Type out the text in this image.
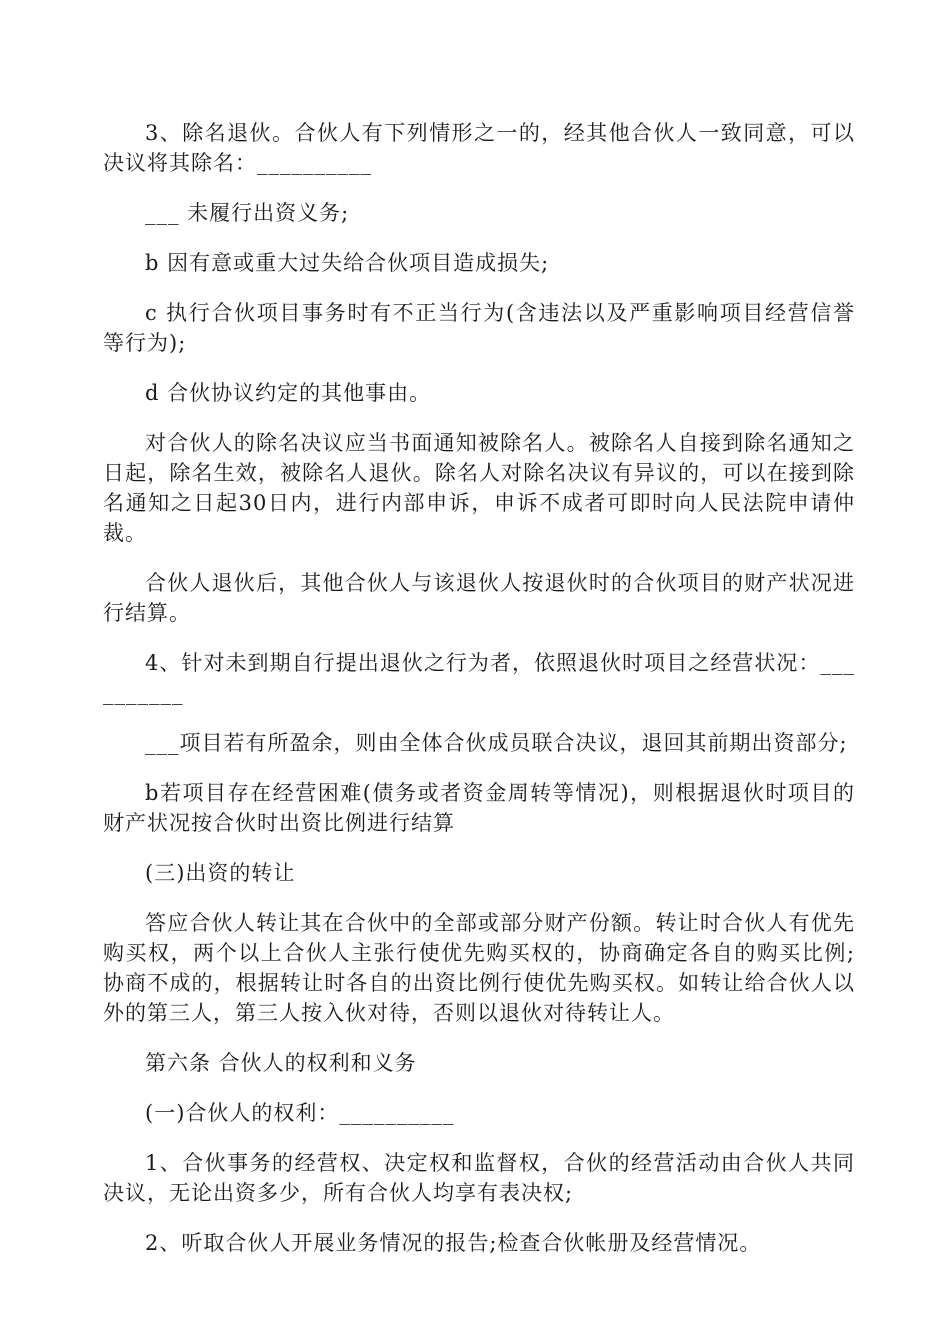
3、除名退伙。合伙人有下列情形之一的，经其他合伙人一致同意，可以决议将其除名：__________

___ 未履行出资义务;

b 因有意或重大过失给合伙项目造成损失;

c 执行合伙项目事务时有不正当行为(含违法以及严重影响项目经营信誉等行为);

d 合伙协议约定的其他事由。

对合伙人的除名决议应当书面通知被除名人。被除名人自接到除名通知之日起，除名生效，被除名人退伙。除名人对除名决议有异议的，可以在接到除名通知之日起30日内，进行内部申诉，申诉不成者可即时向人民法院申请仲裁。

合伙人退伙后，其他合伙人与该退伙人按退伙时的合伙项目的财产状况进行结算。

4、针对未到期自行提出退伙之行为者，依照退伙时项目之经营状况：__________

___项目若有所盈余，则由全体合伙成员联合决议，退回其前期出资部分;

b若项目存在经营困难(债务或者资金周转等情况)，则根据退伙时项目的财产状况按合伙时出资比例进行结算

(三)出资的转让

答应合伙人转让其在合伙中的全部或部分财产份额。转让时合伙人有优先购买权，两个以上合伙人主张行使优先购买权的，协商确定各自的购买比例;协商不成的，根据转让时各自的出资比例行使优先购买权。如转让给合伙人以外的第三人，第三人按入伙对待，否则以退伙对待转让人。

第六条 合伙人的权利和义务

(一)合伙人的权利：__________

1、合伙事务的经营权、决定权和监督权，合伙的经营活动由合伙人共同决议，无论出资多少，所有合伙人均享有表决权;

2、听取合伙人开展业务情况的报告;检查合伙帐册及经营情况。
